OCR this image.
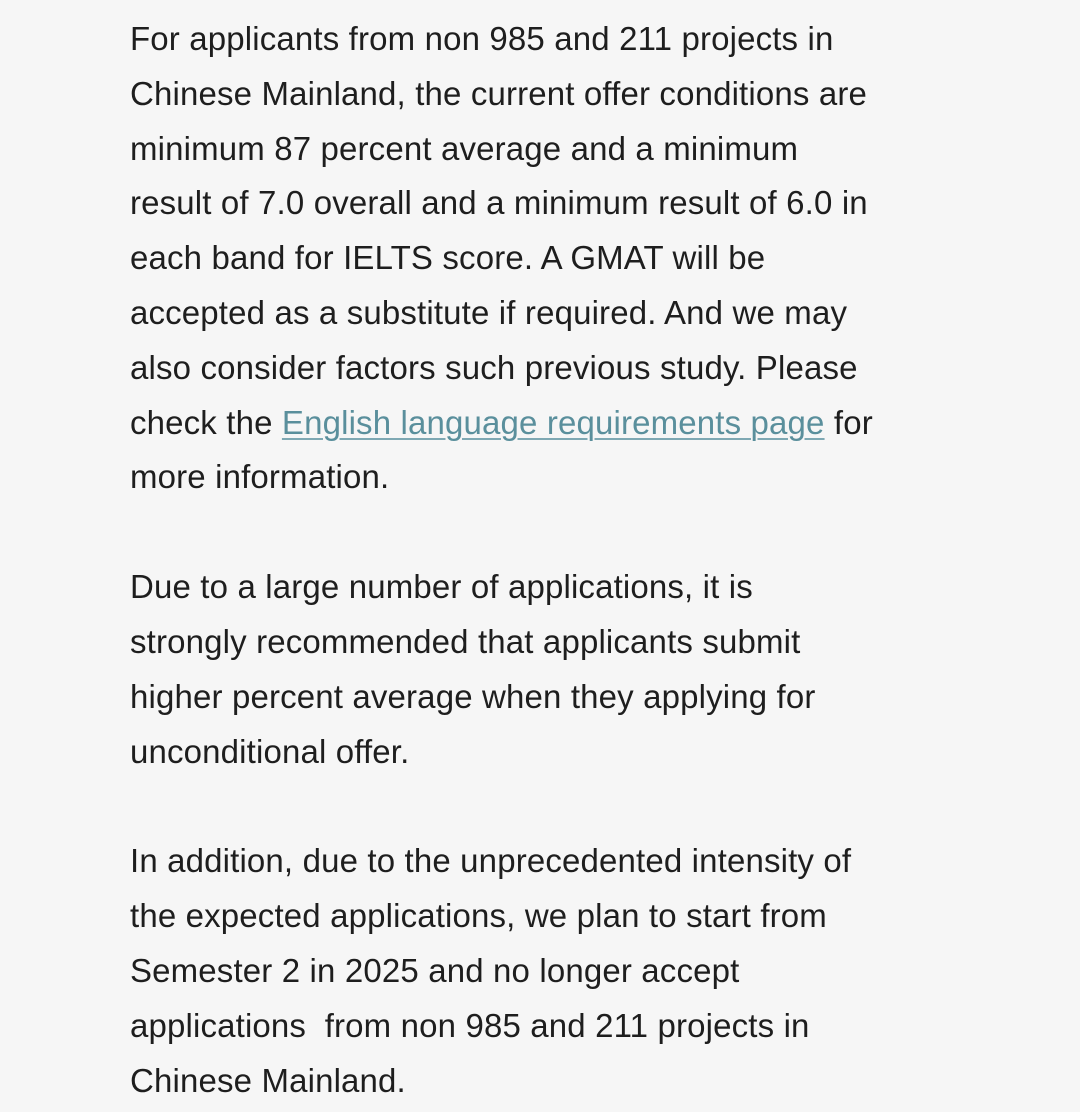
For applicants from non 985 and 211 projects in
Chinese Mainland, the current offer conditions are
minimum 87 percent average and a minimum
result of 7.0 overall and a minimum result of 6.0 in
each band for IELTS score. A GMAT will be
accepted as a substitute if required. And we may
also consider factors such previous study. Please
check the English language requirements page for
more information.

Due to a large number of applications, it is
strongly recommended that applicants submit
higher percent average when they applying for
unconditional offer.

In addition, due to the unprecedented intensity of
the expected applications, we plan to start from
Semester 2 in 2025 and no longer accept
applications  from non 985 and 211 projects in
Chinese Mainland.
